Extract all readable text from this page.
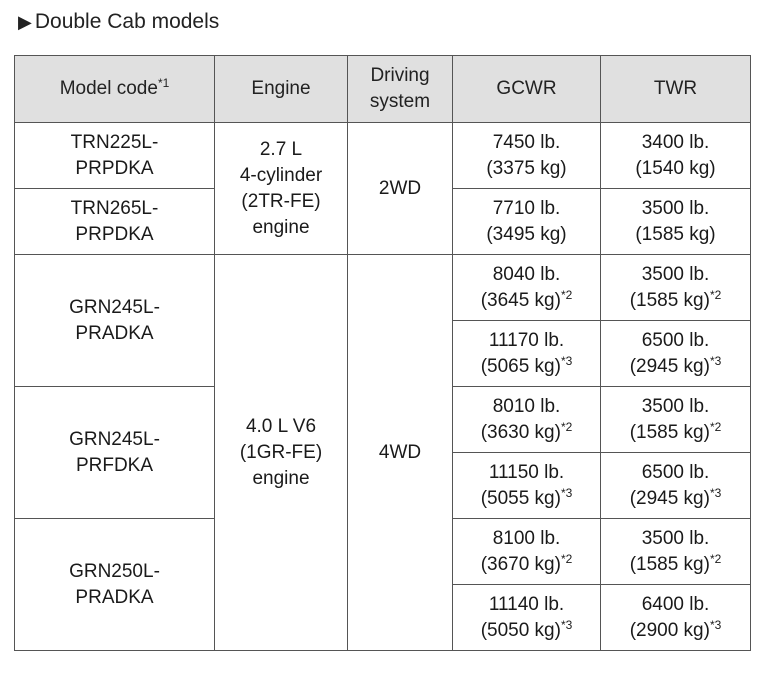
▶ Double Cab models
Model code$^{*1}$	Engine	Driving
system	GCWR	TWR

TRN225L-
PRPDKA	2.7 L
4-cylinder
(2TR-FE)
engine	2WD	7450 lb.
(3375 kg)	3400 lb.
(1540 kg)

TRN265L-
PRPDKA			7710 lb.
(3495 kg)	3500 lb.
(1585 kg)

GRN245L-
PRADKA	4.0 L V6
(1GR-FE)
engine	4WD	8040 lb.
(3645 kg)$^{*2}$	3500 lb.
(1585 kg)$^{*2}$

			11170 lb.
(5065 kg)$^{*3}$	6500 lb.
(2945 kg)$^{*3}$

GRN245L-
PRFDKA			8010 lb.
(3630 kg)$^{*2}$	3500 lb.
(1585 kg)$^{*2}$

			11150 lb.
(5055 kg)$^{*3}$	6500 lb.
(2945 kg)$^{*3}$

GRN250L-
PRADKA			8100 lb.
(3670 kg)$^{*2}$	3500 lb.
(1585 kg)$^{*2}$

			11140 lb.
(5050 kg)$^{*3}$	6400 lb.
(2900 kg)$^{*3}$
